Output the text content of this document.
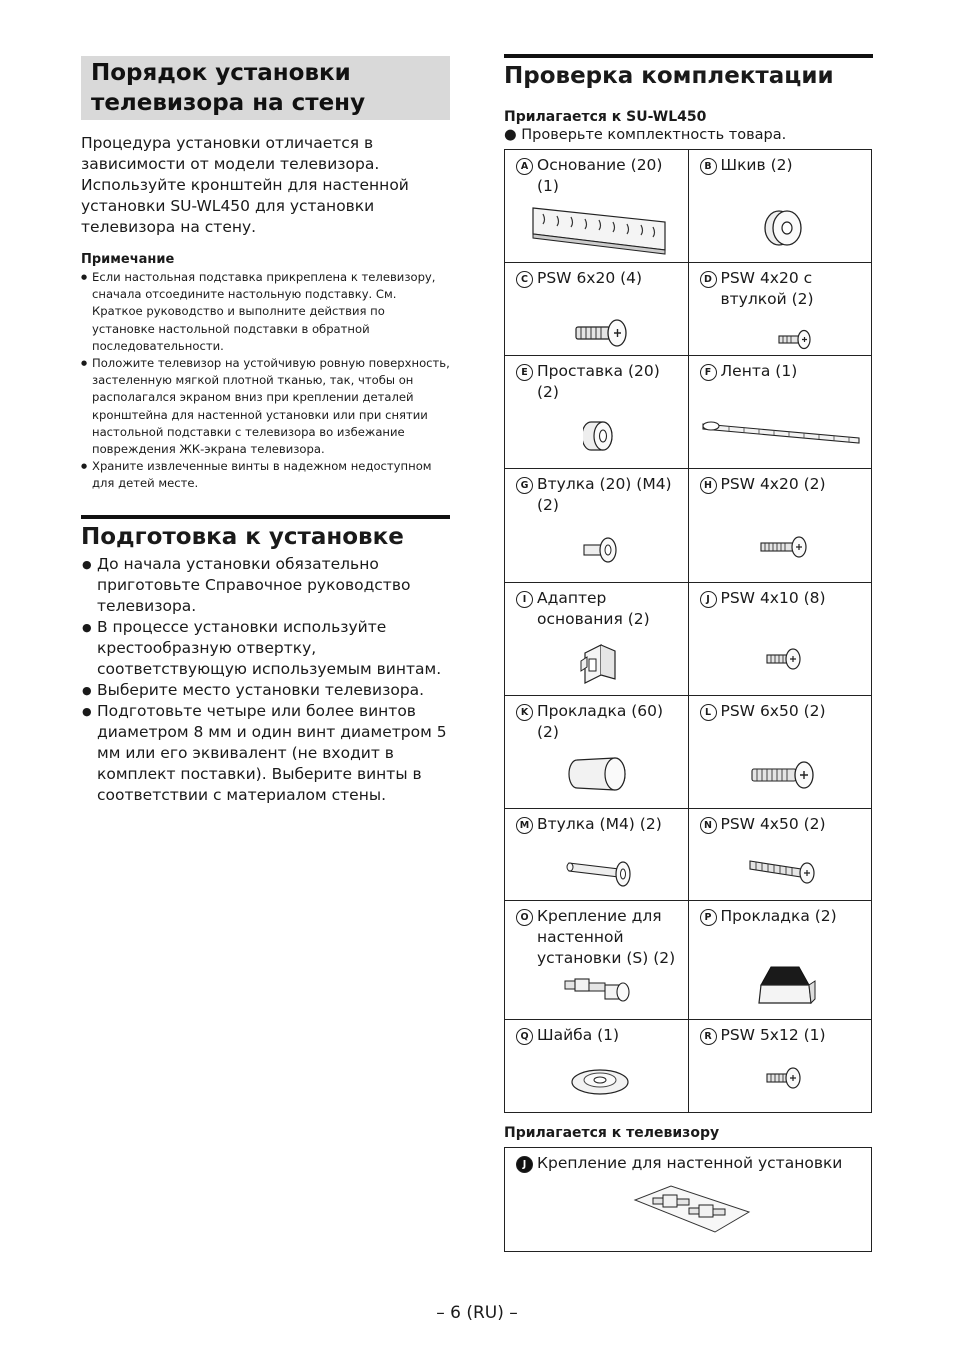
Порядок установки телевизора на стену
Процедура установки отличается в зависимости от модели телевизора. Используйте кронштейн для настенной установки SU-WL450 для установки телевизора на стену.
Примечание
● Если настольная подставка прикреплена к телевизору, сначала отсоедините настольную подставку. См. Краткое руководство и выполните действия по установке настольной подставки в обратной последовательности.
● Положите телевизор на устойчивую ровную поверхность, застеленную мягкой плотной тканью, так, чтобы он располагался экраном вниз при креплении деталей кронштейна для настенной установки или при снятии настольной подставки с телевизора во избежание повреждения ЖК-экрана телевизора.
● Храните извлеченные винты в надежном недоступном для детей месте.
Подготовка к установке
● До начала установки обязательно приготовьте Справочное руководство телевизора.
● В процессе установки используйте крестообразную отвертку, соответствующую используемым винтам.
● Выберите место установки телевизора.
● Подготовьте четыре или более винтов диаметром 8 мм и один винт диаметром 5 мм или его эквивалент (не входит в комплект поставки). Выберите винты в соответствии с материалом стены.
Проверка комплектации
Прилагается к SU-WL450
● Проверьте комплектность товара.
A Основание (20) (1)	B Шкив (2)

C PSW 6x20 (4)	D PSW 4x20 с втулкой (2)

E Проставка (20) (2)	F Лента (1)

G Втулка (20) (M4) (2)	H PSW 4x20 (2)

I Адаптер основания (2)	J PSW 4x10 (8)

K Прокладка (60) (2)	L PSW 6x50 (2)

M Втулка (M4) (2)	N PSW 4x50 (2)

O Крепление для настенной установки (S) (2)	P Прокладка (2)

Q Шайба (1)	R PSW 5x12 (1)
Прилагается к телевизору
J Крепление для настенной установки
– 6 (RU) –
